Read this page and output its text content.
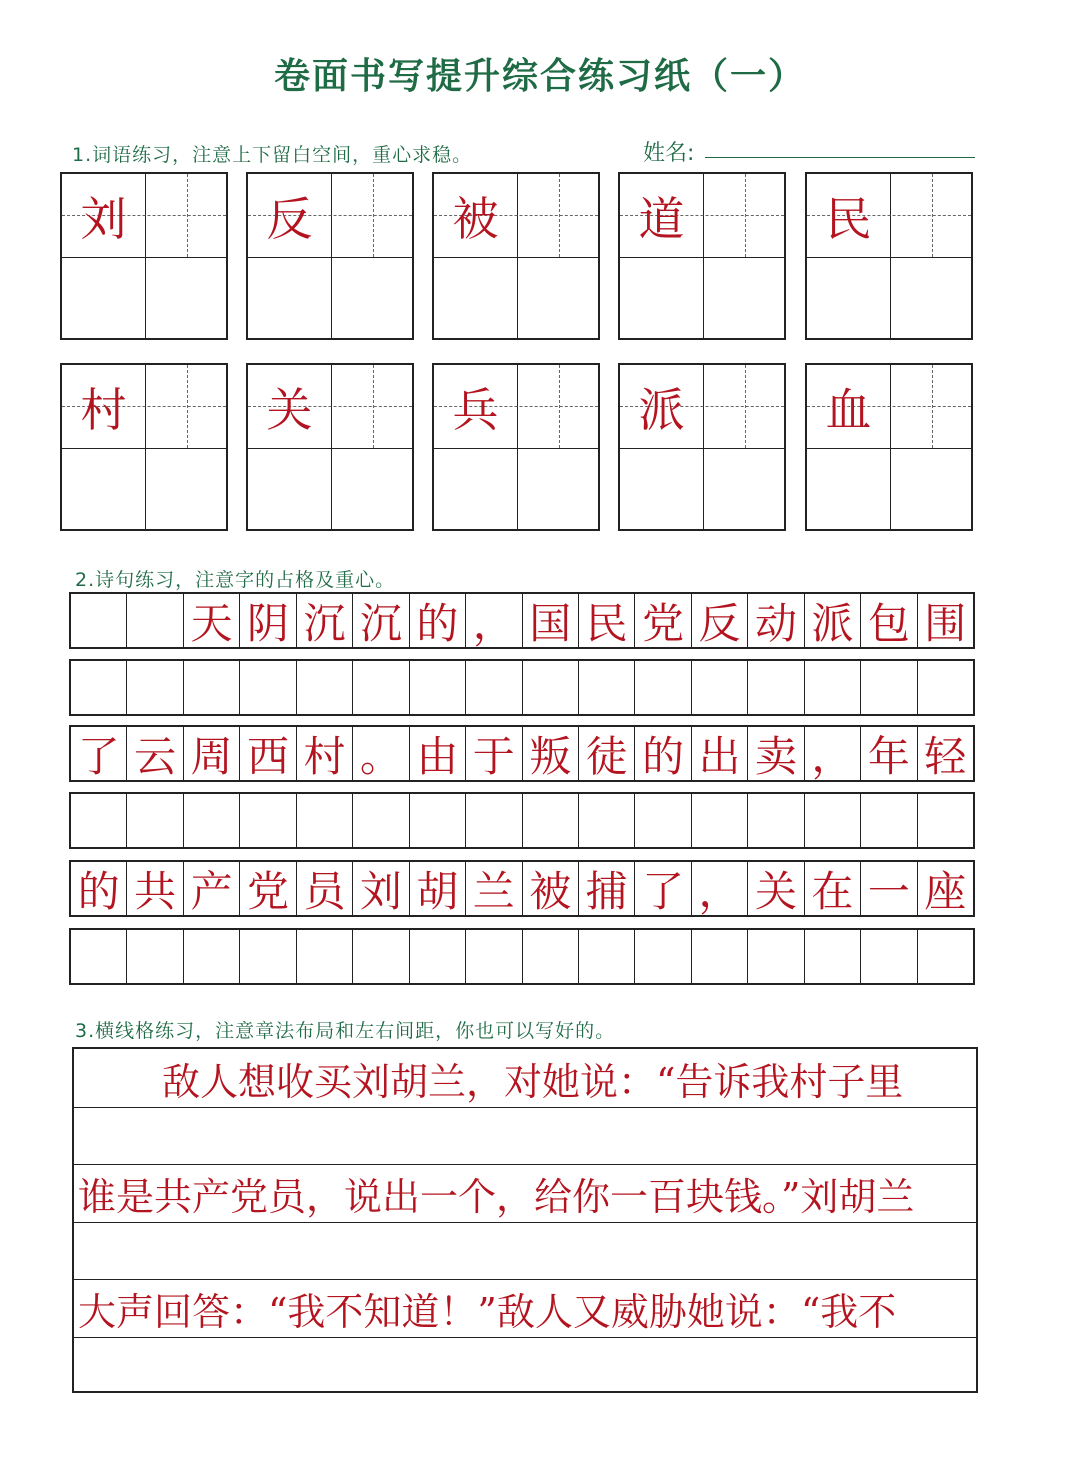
卷面书写提升综合练习纸（一）
1.词语练习，注意上下留白空间，重心求稳。	姓名:
刘	反	被	道	民
村	关	兵	派	血
2.诗句练习，注意字的占格及重心。
天 阴 沉 沉 的 ， 国 民 党 反 动 派 包 围
了 云 周 西 村 。 由 于 叛 徒 的 出 卖 ， 年 轻
的 共 产 党 员 刘 胡 兰 被 捕 了 ， 关 在 一 座
3.横线格练习，注意章法布局和左右间距，你也可以写好的。
敌人想收买刘胡兰，对她说：“告诉我村子里
谁是共产党员，说出一个，给你一百块钱。”刘胡兰
大声回答：“我不知道！”敌人又威胁她说：“我不
